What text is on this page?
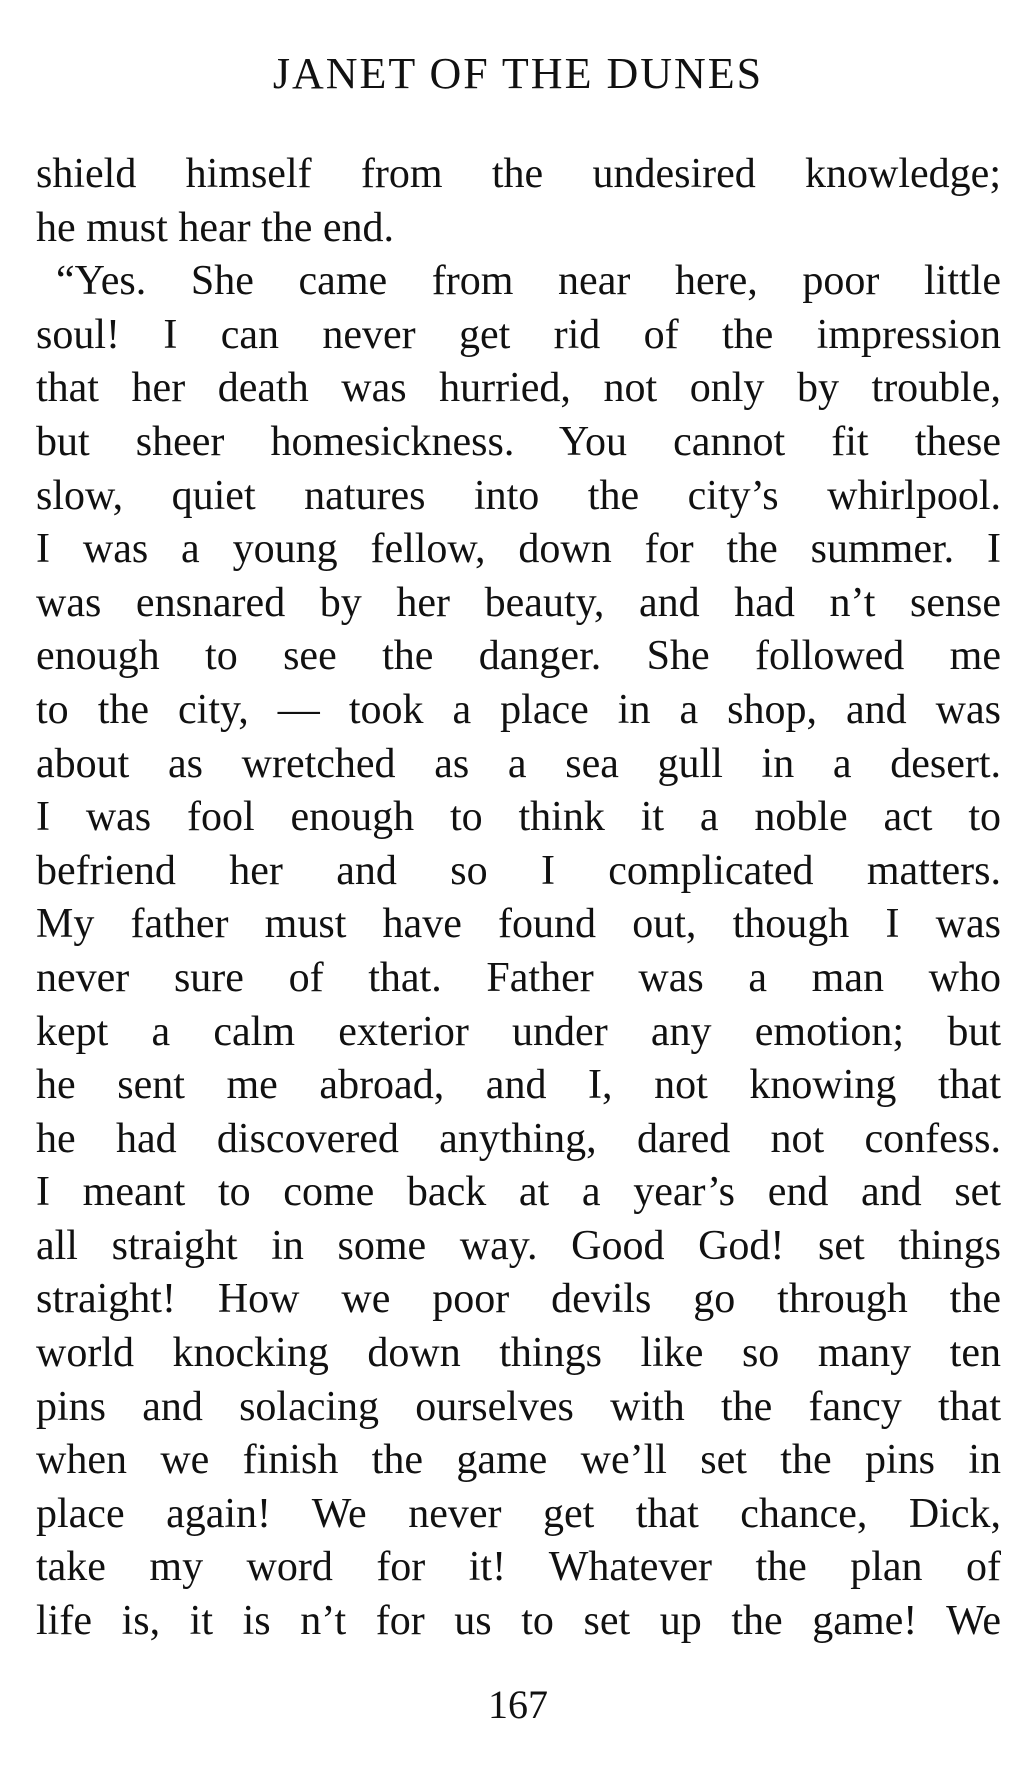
JANET OF THE DUNES
shield himself from the undesired knowledge;
he must hear the end.
“Yes. She came from near here, poor little
soul! I can never get rid of the impression
that her death was hurried, not only by trouble,
but sheer homesickness. You cannot fit these
slow, quiet natures into the city’s whirlpool.
I was a young fellow, down for the summer. I
was ensnared by her beauty, and had n’t sense
enough to see the danger. She followed me
to the city, — took a place in a shop, and was
about as wretched as a sea gull in a desert.
I was fool enough to think it a noble act to
befriend her and so I complicated matters.
My father must have found out, though I was
never sure of that. Father was a man who
kept a calm exterior under any emotion; but
he sent me abroad, and I, not knowing that
he had discovered anything, dared not confess.
I meant to come back at a year’s end and set
all straight in some way. Good God! set things
straight! How we poor devils go through the
world knocking down things like so many ten
pins and solacing ourselves with the fancy that
when we finish the game we’ll set the pins in
place again! We never get that chance, Dick,
take my word for it! Whatever the plan of
life is, it is n’t for us to set up the game! We
167
